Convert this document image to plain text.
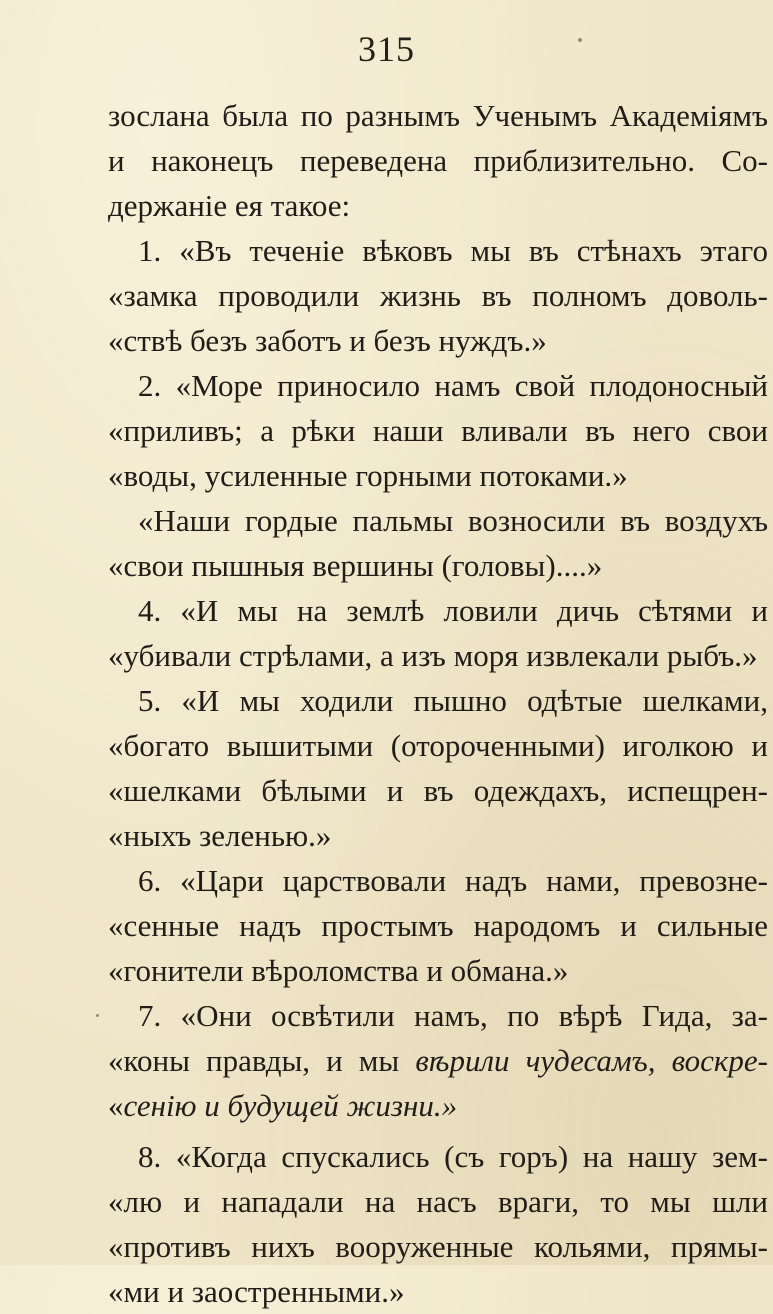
315
зослана была по разнымъ Ученымъ Академiямъ
и наконецъ переведена приблизительно. Со-
держанiе ея такое:
1. «Въ теченiе вѣковъ мы въ стѣнахъ этаго
«замка проводили жизнь въ полномъ доволь-
«ствѣ безъ заботъ и безъ нуждъ.»
2. «Море приносило намъ свой плодоносный
«приливъ; а рѣки наши вливали въ него свои
«воды, усиленные горными потоками.»
«Наши гордые пальмы возносили въ воздухъ
«свои пышныя вершины (головы)....»
4. «И мы на землѣ ловили дичь сѣтями и
«убивали стрѣлами, а изъ моря извлекали рыбъ.»
5. «И мы ходили пышно одѣтые шелками,
«богато вышитыми (отороченными) иголкою и
«шелками бѣлыми и въ одеждахъ, испещрен-
«ныхъ зеленью.»
6. «Цари царствовали надъ нами, превозне-
«сенные надъ простымъ народомъ и сильные
«гонители вѣроломства и обмана.»
7. «Они освѣтили намъ, по вѣрѣ Гида, за-
«коны правды, и мы вѣрили чудесамъ, воскре-
«сенiю и будущей жизни.»
8. «Когда спускались (съ горъ) на нашу зем-
«лю и нападали на насъ враги, то мы шли
«противъ нихъ вооруженные кольями, прямы-
«ми и заостренными.»
